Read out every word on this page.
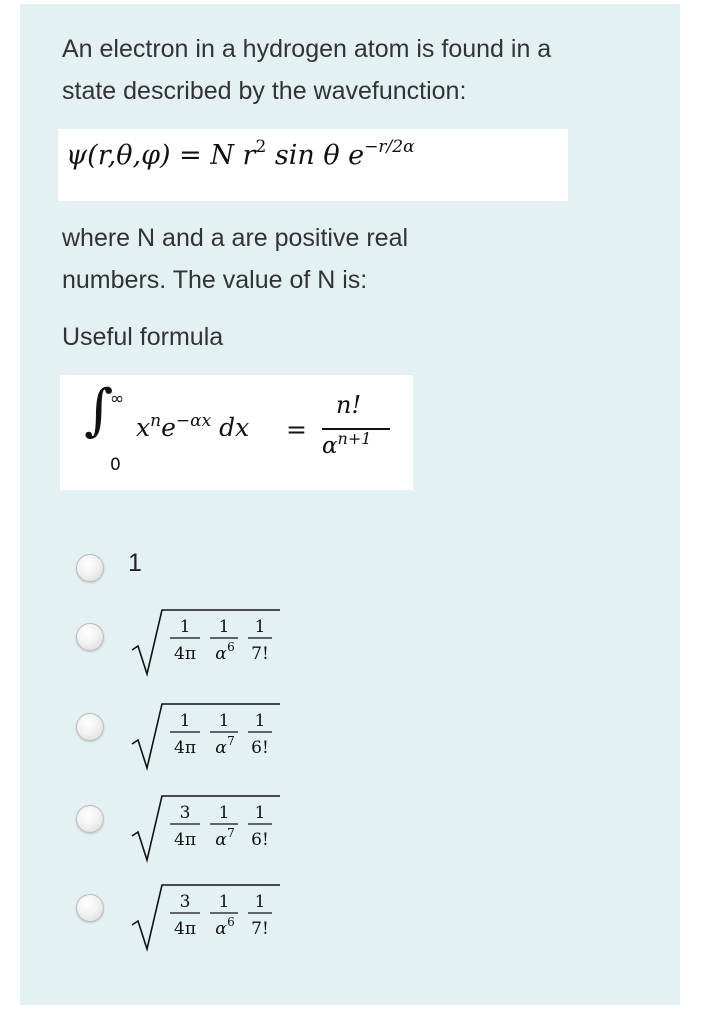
An electron in a hydrogen atom is found in a
state described by the wavefunction:
ψ(r,θ,φ) = N $r^2$ sin θ $e^{-r/2\alpha}$
where N and a are positive real
numbers. The value of N is:
Useful formula
∫
∞
0
$x^ne^{-\alpha x}$ dx =
n!
$\alpha^{n+1}$
1
1
4π
1
α 6
1
7!
1
4π
1
α 7
1
6!
3
4π
1
α 7
1
6!
3
4π
1
α 6
1
7!
